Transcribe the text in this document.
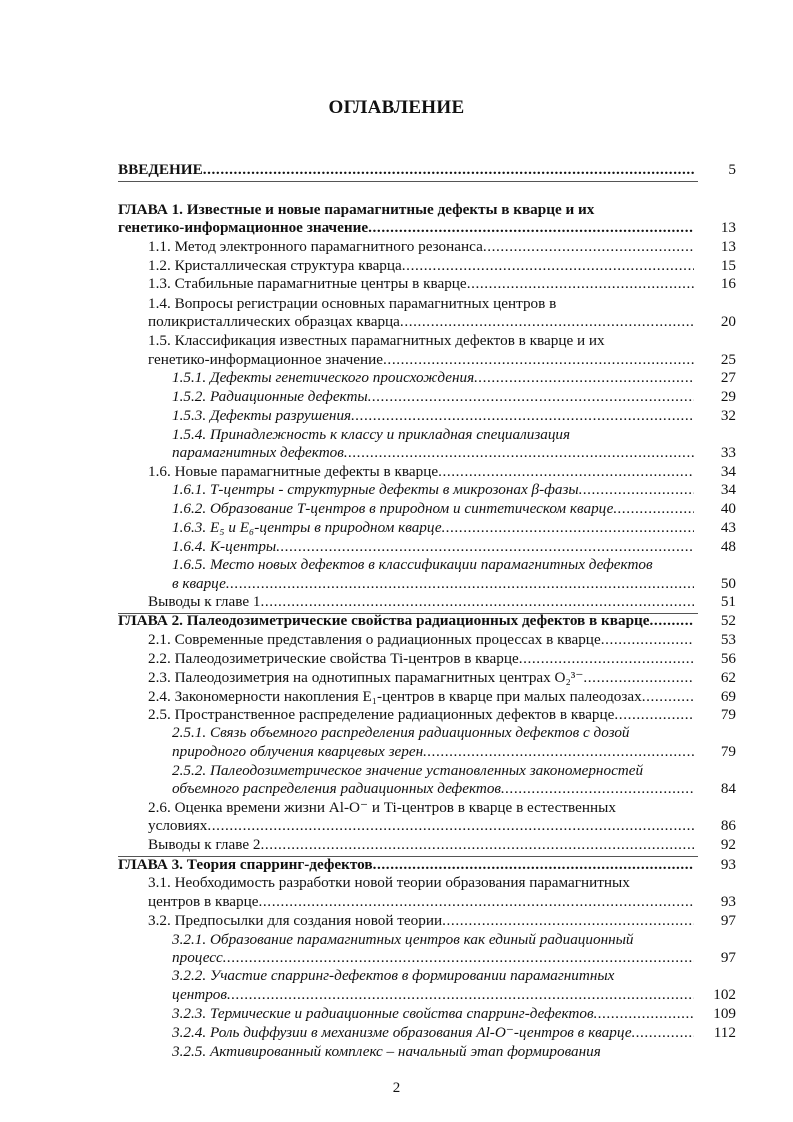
ОГЛАВЛЕНИЕ
ВВЕДЕНИЕ .....	5
ГЛАВА 1. Известные и новые парамагнитные дефекты в кварце и их
генетико-информационное значение .....	13
1.1. Метод электронного парамагнитного резонанса .....	13
1.2. Кристаллическая структура кварца .....	15
1.3. Стабильные парамагнитные центры в кварце .....	16
1.4. Вопросы регистрации основных парамагнитных центров в
поликристаллических образцах кварца .....	20
1.5. Классификация известных парамагнитных дефектов в кварце и их
генетико-информационное значение .....	25
1.5.1. Дефекты генетического происхождения .....	27
1.5.2. Радиационные дефекты .....	29
1.5.3. Дефекты разрушения .....	32
1.5.4. Принадлежность к классу и прикладная специализация
парамагнитных дефектов .....	33
1.6. Новые парамагнитные дефекты в кварце .....	34
1.6.1. Т-центры - структурные дефекты в микрозонах β-фазы .....	34
1.6.2. Образование Т-центров в природном и синтетическом кварце .....	40
1.6.3. E₅ и E₆-центры в природном кварце .....	43
1.6.4. К-центры .....	48
1.6.5. Место новых дефектов в классификации парамагнитных дефектов
в кварце .....	50
Выводы к главе 1 .....	51
ГЛАВА 2. Палеодозиметрические свойства радиационных дефектов в кварце .....	52
2.1. Современные представления о радиационных процессах в кварце .....	53
2.2. Палеодозиметрические свойства Ti-центров в кварце .....	56
2.3. Палеодозиметрия на однотипных парамагнитных центрах O₂³⁻ .....	62
2.4. Закономерности накопления E₁-центров в кварце при малых палеодозах .....	69
2.5. Пространственное распределение радиационных дефектов в кварце .....	79
2.5.1. Связь объемного распределения радиационных дефектов с дозой
природного облучения кварцевых зерен .....	79
2.5.2. Палеодозиметрическое значение установленных закономерностей
объемного распределения радиационных дефектов .....	84
2.6. Оценка времени жизни Al-O⁻ и Ti-центров в кварце в естественных
условиях .....	86
Выводы к главе 2 .....	92
ГЛАВА 3. Теория спарринг-дефектов .....	93
3.1. Необходимость разработки новой теории образования парамагнитных
центров в кварце .....	93
3.2. Предпосылки для создания новой теории .....	97
3.2.1. Образование парамагнитных центров как единый радиационный
процесс .....	97
3.2.2. Участие спарринг-дефектов в формировании парамагнитных
центров .....	102
3.2.3. Термические и радиационные свойства спарринг-дефектов .....	109
3.2.4. Роль диффузии в механизме образования Al-O⁻-центров в кварце .....	112
3.2.5. Активированный комплекс – начальный этап формирования
2
